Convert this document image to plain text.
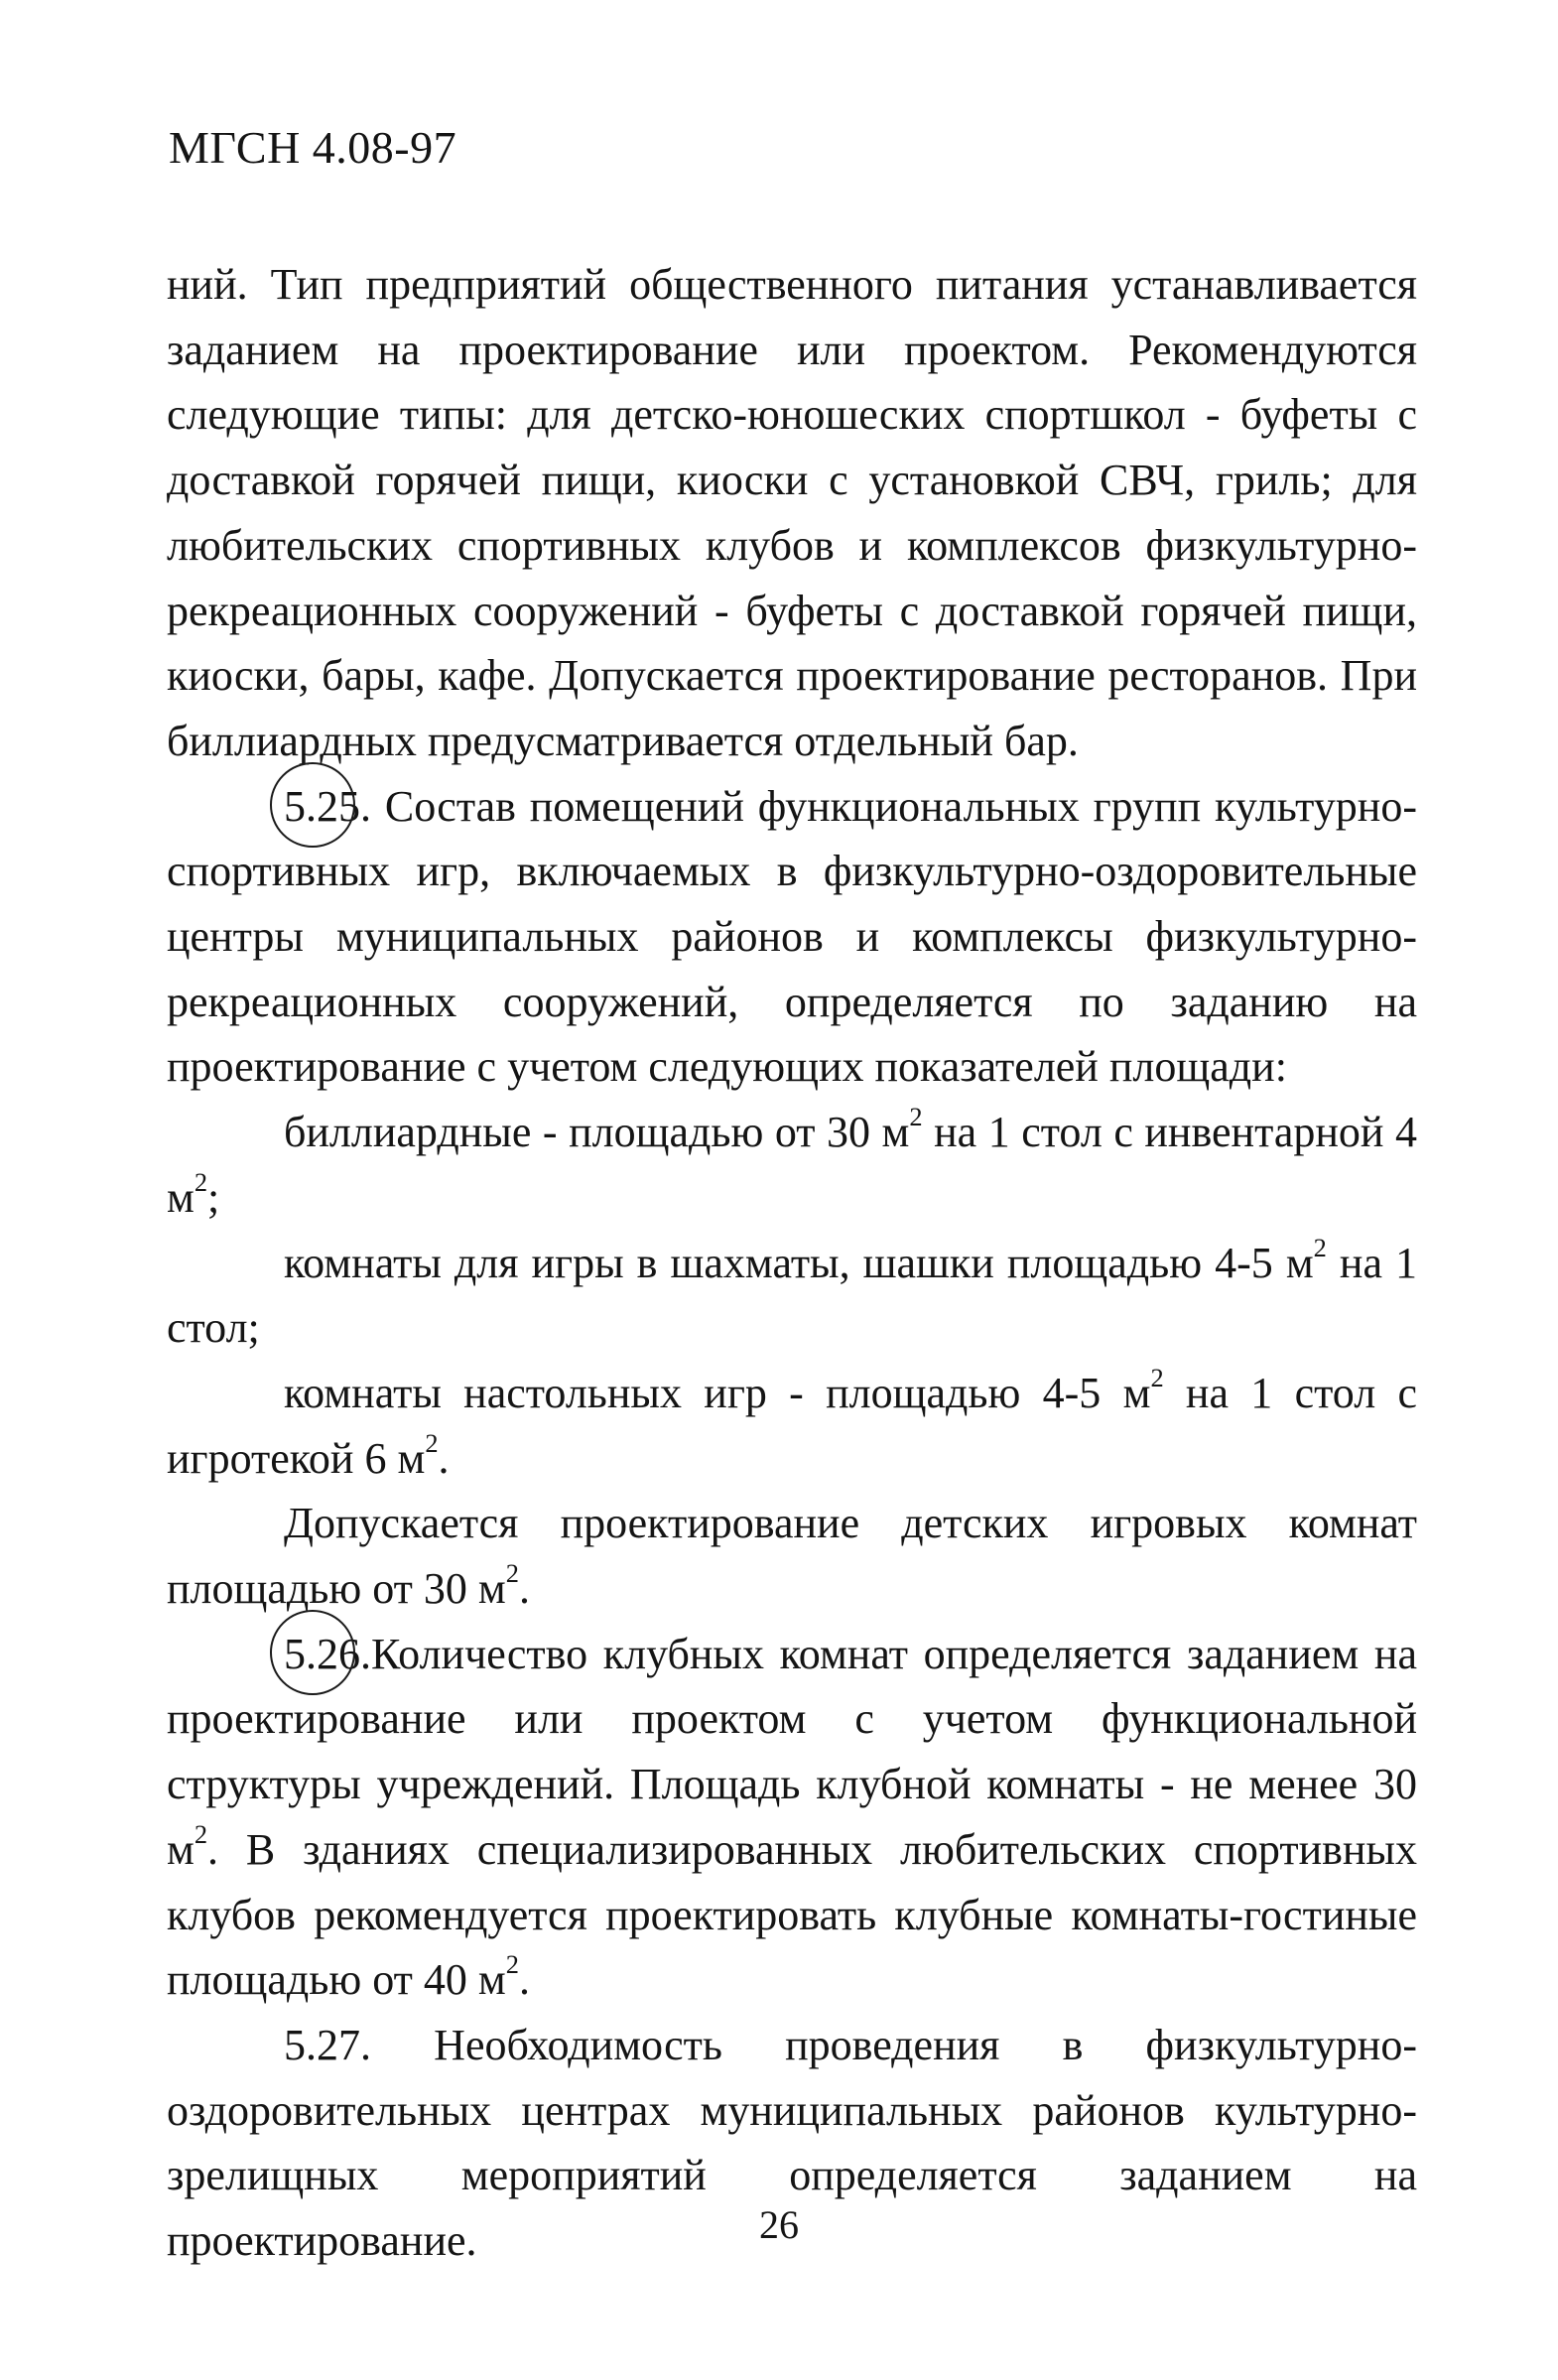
МГСН 4.08-97

ний. Тип предприятий общественного питания устанавливается заданием на проектирование или проектом. Рекомендуются следующие типы: для детско-юношеских спортшкол - буфеты с доставкой горячей пищи, киоски с установкой СВЧ, гриль; для любительских спортивных клубов и комплексов физкультурно-рекреационных сооружений - буфеты с доставкой горячей пищи, киоски, бары, кафе. Допускается проектирование ресторанов. При биллиардных предусматривается отдельный бар.

5.25. Состав помещений функциональных групп культурно-спортивных игр, включаемых в физкультурно-оздоровительные центры муниципальных районов и комплексы физкультурно-рекреационных сооружений, определяется по заданию на проектирование с учетом следующих показателей площади:

биллиардные - площадью от 30 $м^2$ на 1 стол с инвентарной 4 $м^2$;

комнаты для игры в шахматы, шашки площадью 4-5 $м^2$ на 1 стол;

комнаты настольных игр - площадью 4-5 $м^2$ на 1 стол с игротекой 6 $м^2$.

Допускается проектирование детских игровых комнат площадью от 30 $м^2$.

5.26.Количество клубных комнат определяется заданием на проектирование или проектом с учетом функциональной структуры учреждений. Площадь клубной комнаты - не менее 30 $м^2$. В зданиях специализированных любительских спортивных клубов рекомендуется проектировать клубные комнаты-гостиные площадью от 40 $м^2$.

5.27. Необходимость проведения в физкультурно-оздоровительных центрах муниципальных районов культурно-зрелищных мероприятий определяется заданием на проектирование.	26
